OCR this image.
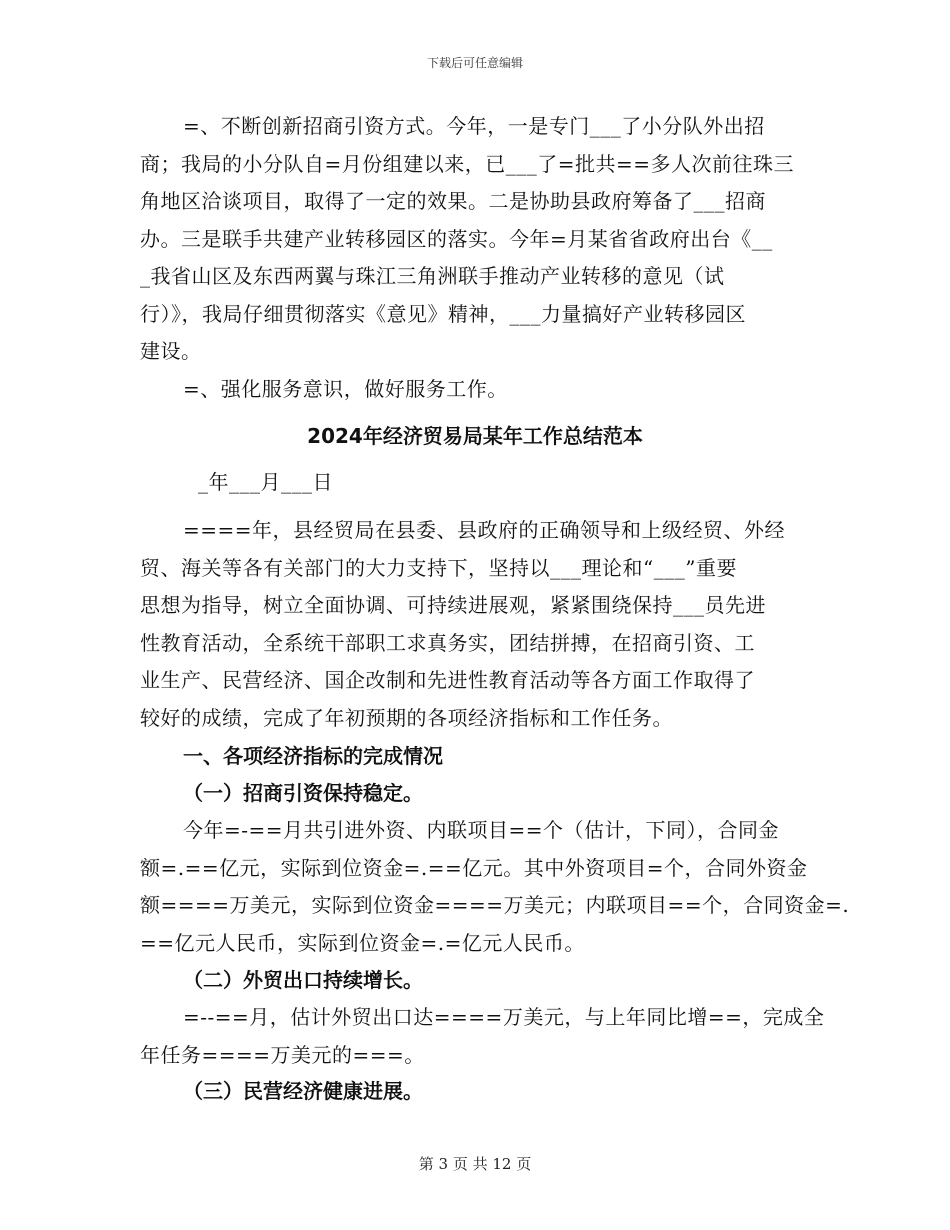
下载后可任意编辑
=、不断创新招商引资方式。今年，一是专门___了小分队外出招
商；我局的小分队自=月份组建以来，已___了=批共==多人次前往珠三
角地区洽谈项目，取得了一定的效果。二是协助县政府筹备了___招商
办。三是联手共建产业转移园区的落实。今年=月某省省政府出台《__
_我省山区及东西两翼与珠江三角洲联手推动产业转移的意见（试
行）》，我局仔细贯彻落实《意见》精神，___力量搞好产业转移园区
建设。
=、强化服务意识，做好服务工作。
2024年经济贸易局某年工作总结范本
_年___月___日
====年，县经贸局在县委、县政府的正确领导和上级经贸、外经
贸、海关等各有关部门的大力支持下，坚持以___理论和“___”重要
思想为指导，树立全面协调、可持续进展观，紧紧围绕保持___员先进
性教育活动，全系统干部职工求真务实，团结拼搏，在招商引资、工
业生产、民营经济、国企改制和先进性教育活动等各方面工作取得了
较好的成绩，完成了年初预期的各项经济指标和工作任务。
一、各项经济指标的完成情况
（一）招商引资保持稳定。
今年=-==月共引进外资、内联项目==个（估计，下同），合同金
额=.==亿元，实际到位资金=.==亿元。其中外资项目=个，合同外资金
额====万美元，实际到位资金====万美元；内联项目==个，合同资金=.
==亿元人民币，实际到位资金=.=亿元人民币。
（二）外贸出口持续增长。
=--==月，估计外贸出口达====万美元，与上年同比增==，完成全
年任务====万美元的===。
（三）民营经济健康进展。
第 3 页 共 12 页
